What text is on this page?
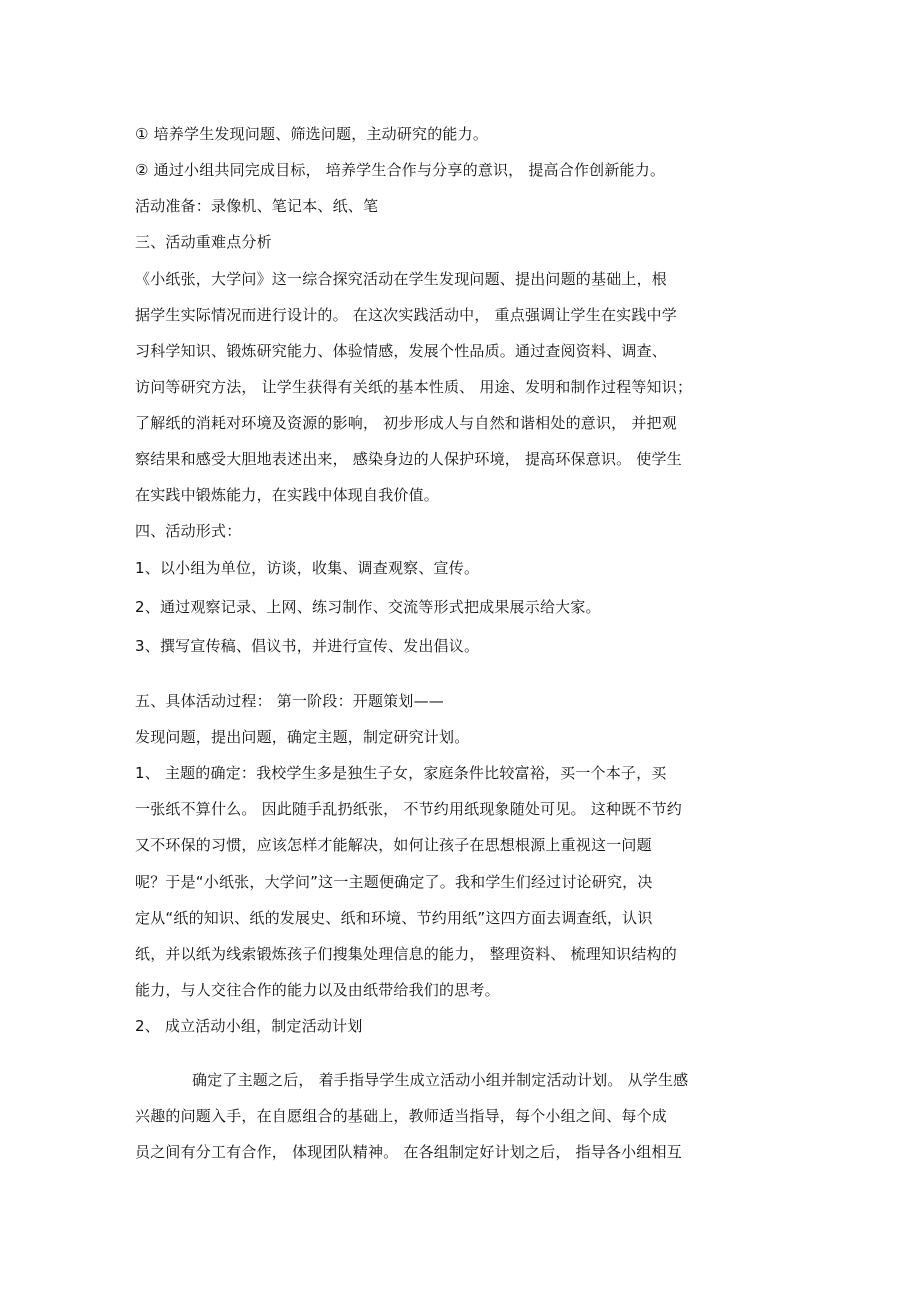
① 培养学生发现问题、筛选问题，主动研究的能力。
② 通过小组共同完成目标， 培养学生合作与分享的意识， 提高合作创新能力。
活动准备：录像机、笔记本、纸、笔
三、活动重难点分析
《小纸张，大学问》这一综合探究活动在学生发现问题、提出问题的基础上，根
据学生实际情况而进行设计的。 在这次实践活动中， 重点强调让学生在实践中学
习科学知识、锻炼研究能力、体验情感，发展个性品质。通过查阅资料、调查、
访问等研究方法， 让学生获得有关纸的基本性质、 用途、发明和制作过程等知识；
了解纸的消耗对环境及资源的影响， 初步形成人与自然和谐相处的意识， 并把观
察结果和感受大胆地表述出来， 感染身边的人保护环境， 提高环保意识。 使学生
在实践中锻炼能力，在实践中体现自我价值。
四、活动形式：
1、以小组为单位，访谈，收集、调查观察、宣传。
2、通过观察记录、上网、练习制作、交流等形式把成果展示给大家。
3、撰写宣传稿、倡议书，并进行宣传、发出倡议。
五、具体活动过程： 第一阶段：开题策划——
发现问题，提出问题，确定主题，制定研究计划。
1、 主题的确定：我校学生多是独生子女，家庭条件比较富裕，买一个本子，买
一张纸不算什么。 因此随手乱扔纸张， 不节约用纸现象随处可见。 这种既不节约
又不环保的习惯，应该怎样才能解决，如何让孩子在思想根源上重视这一问题
呢？于是“小纸张，大学问”这一主题便确定了。我和学生们经过讨论研究，决
定从“纸的知识、纸的发展史、纸和环境、节约用纸”这四方面去调查纸，认识
纸，并以纸为线索锻炼孩子们搜集处理信息的能力， 整理资料、 梳理知识结构的
能力，与人交往合作的能力以及由纸带给我们的思考。
2、 成立活动小组，制定活动计划
确定了主题之后， 着手指导学生成立活动小组并制定活动计划。 从学生感
兴趣的问题入手，在自愿组合的基础上，教师适当指导，每个小组之间、每个成
员之间有分工有合作， 体现团队精神。 在各组制定好计划之后， 指导各小组相互
